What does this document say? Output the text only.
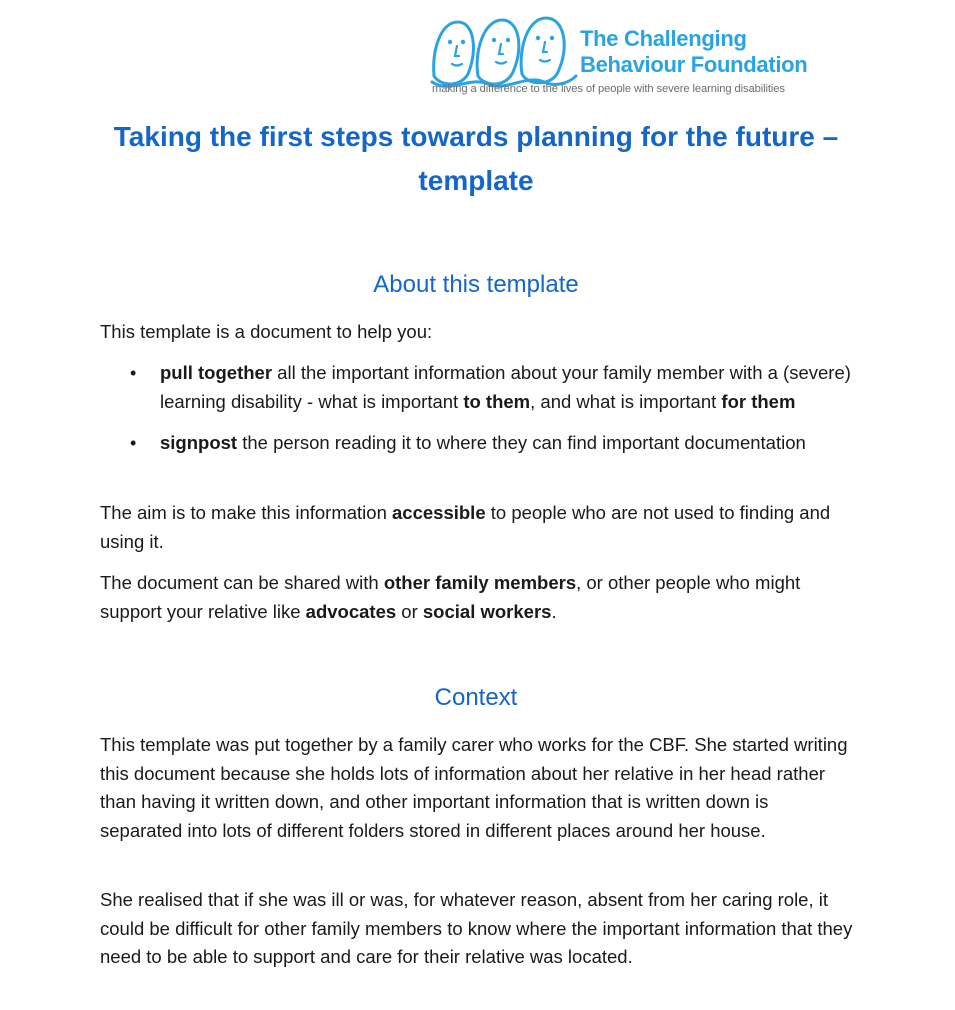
The Challenging
Behaviour Foundation
making a difference to the lives of people with severe learning disabilities
Taking the first steps towards planning for the future – template
About this template
This template is a document to help you:
• pull together all the important information about your family member with a (severe) learning disability - what is important to them, and what is important for them
• signpost the person reading it to where they can find important documentation
The aim is to make this information accessible to people who are not used to finding and using it.
The document can be shared with other family members, or other people who might support your relative like advocates or social workers.
Context
This template was put together by a family carer who works for the CBF. She started writing this document because she holds lots of information about her relative in her head rather than having it written down, and other important information that is written down is separated into lots of different folders stored in different places around her house.
She realised that if she was ill or was, for whatever reason, absent from her caring role, it could be difficult for other family members to know where the important information that they need to be able to support and care for their relative was located.
